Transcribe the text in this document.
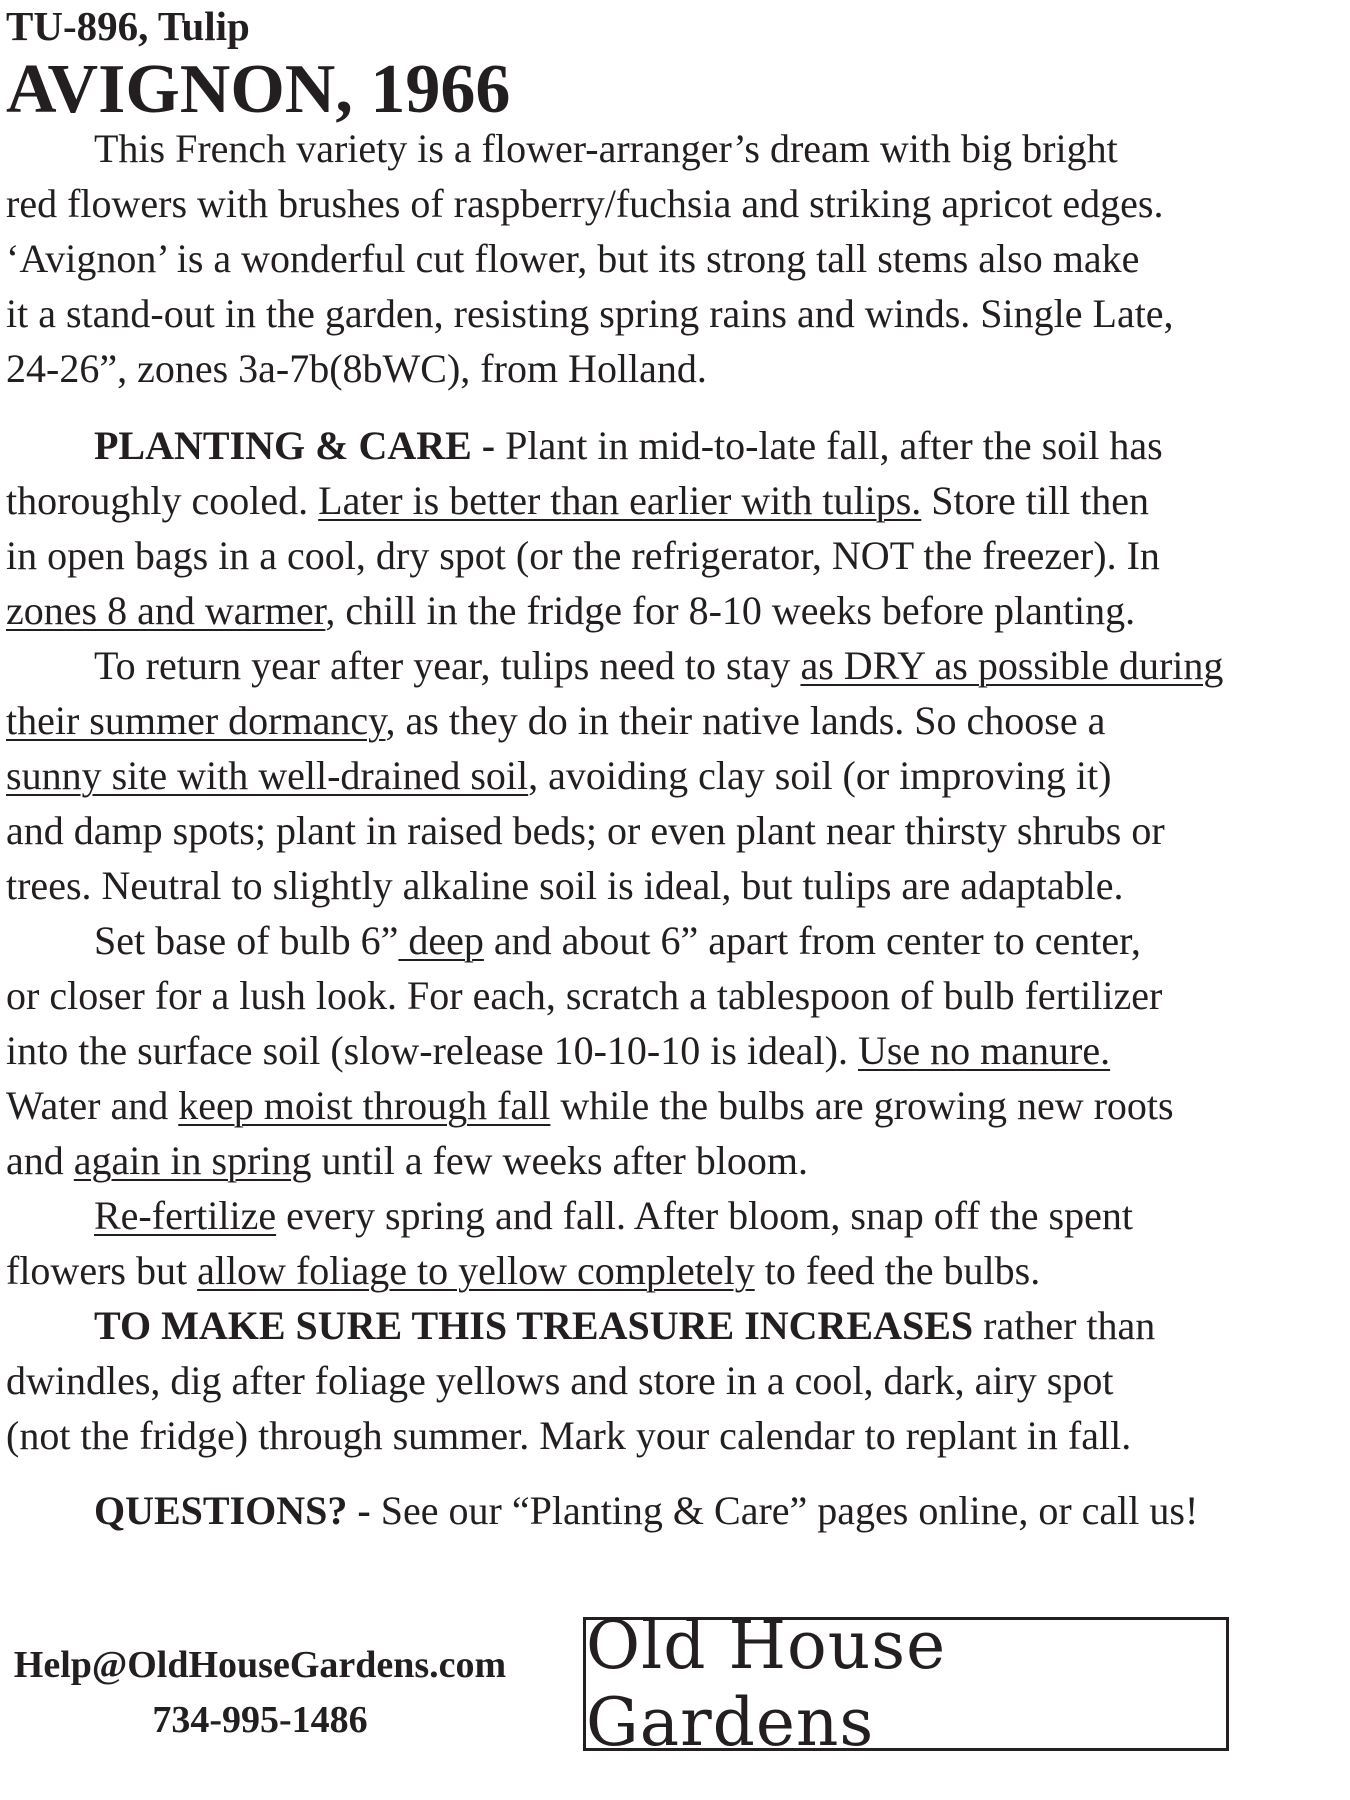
TU-896, Tulip
AVIGNON, 1966

This French variety is a flower-arranger’s dream with big bright
red flowers with brushes of raspberry/fuchsia and striking apricot edges.
‘Avignon’ is a wonderful cut flower, but its strong tall stems also make
it a stand-out in the garden, resisting spring rains and winds. Single Late,
24-26”, zones 3a-7b(8bWC), from Holland.

PLANTING & CARE - Plant in mid-to-late fall, after the soil has
thoroughly cooled. Later is better than earlier with tulips. Store till then
in open bags in a cool, dry spot (or the refrigerator, NOT the freezer). In
zones 8 and warmer, chill in the fridge for 8-10 weeks before planting.

To return year after year, tulips need to stay as DRY as possible during
their summer dormancy, as they do in their native lands. So choose a
sunny site with well-drained soil, avoiding clay soil (or improving it)
and damp spots; plant in raised beds; or even plant near thirsty shrubs or
trees. Neutral to slightly alkaline soil is ideal, but tulips are adaptable.

Set base of bulb 6” deep and about 6” apart from center to center,
or closer for a lush look. For each, scratch a tablespoon of bulb fertilizer
into the surface soil (slow-release 10-10-10 is ideal). Use no manure.
Water and keep moist through fall while the bulbs are growing new roots
and again in spring until a few weeks after bloom.

Re-fertilize every spring and fall. After bloom, snap off the spent
flowers but allow foliage to yellow completely to feed the bulbs.

TO MAKE SURE THIS TREASURE INCREASES rather than
dwindles, dig after foliage yellows and store in a cool, dark, airy spot
(not the fridge) through summer. Mark your calendar to replant in fall.

QUESTIONS? - See our “Planting & Care” pages online, or call us!

Help@OldHouseGardens.com
734-995-1486
Old House Gardens
